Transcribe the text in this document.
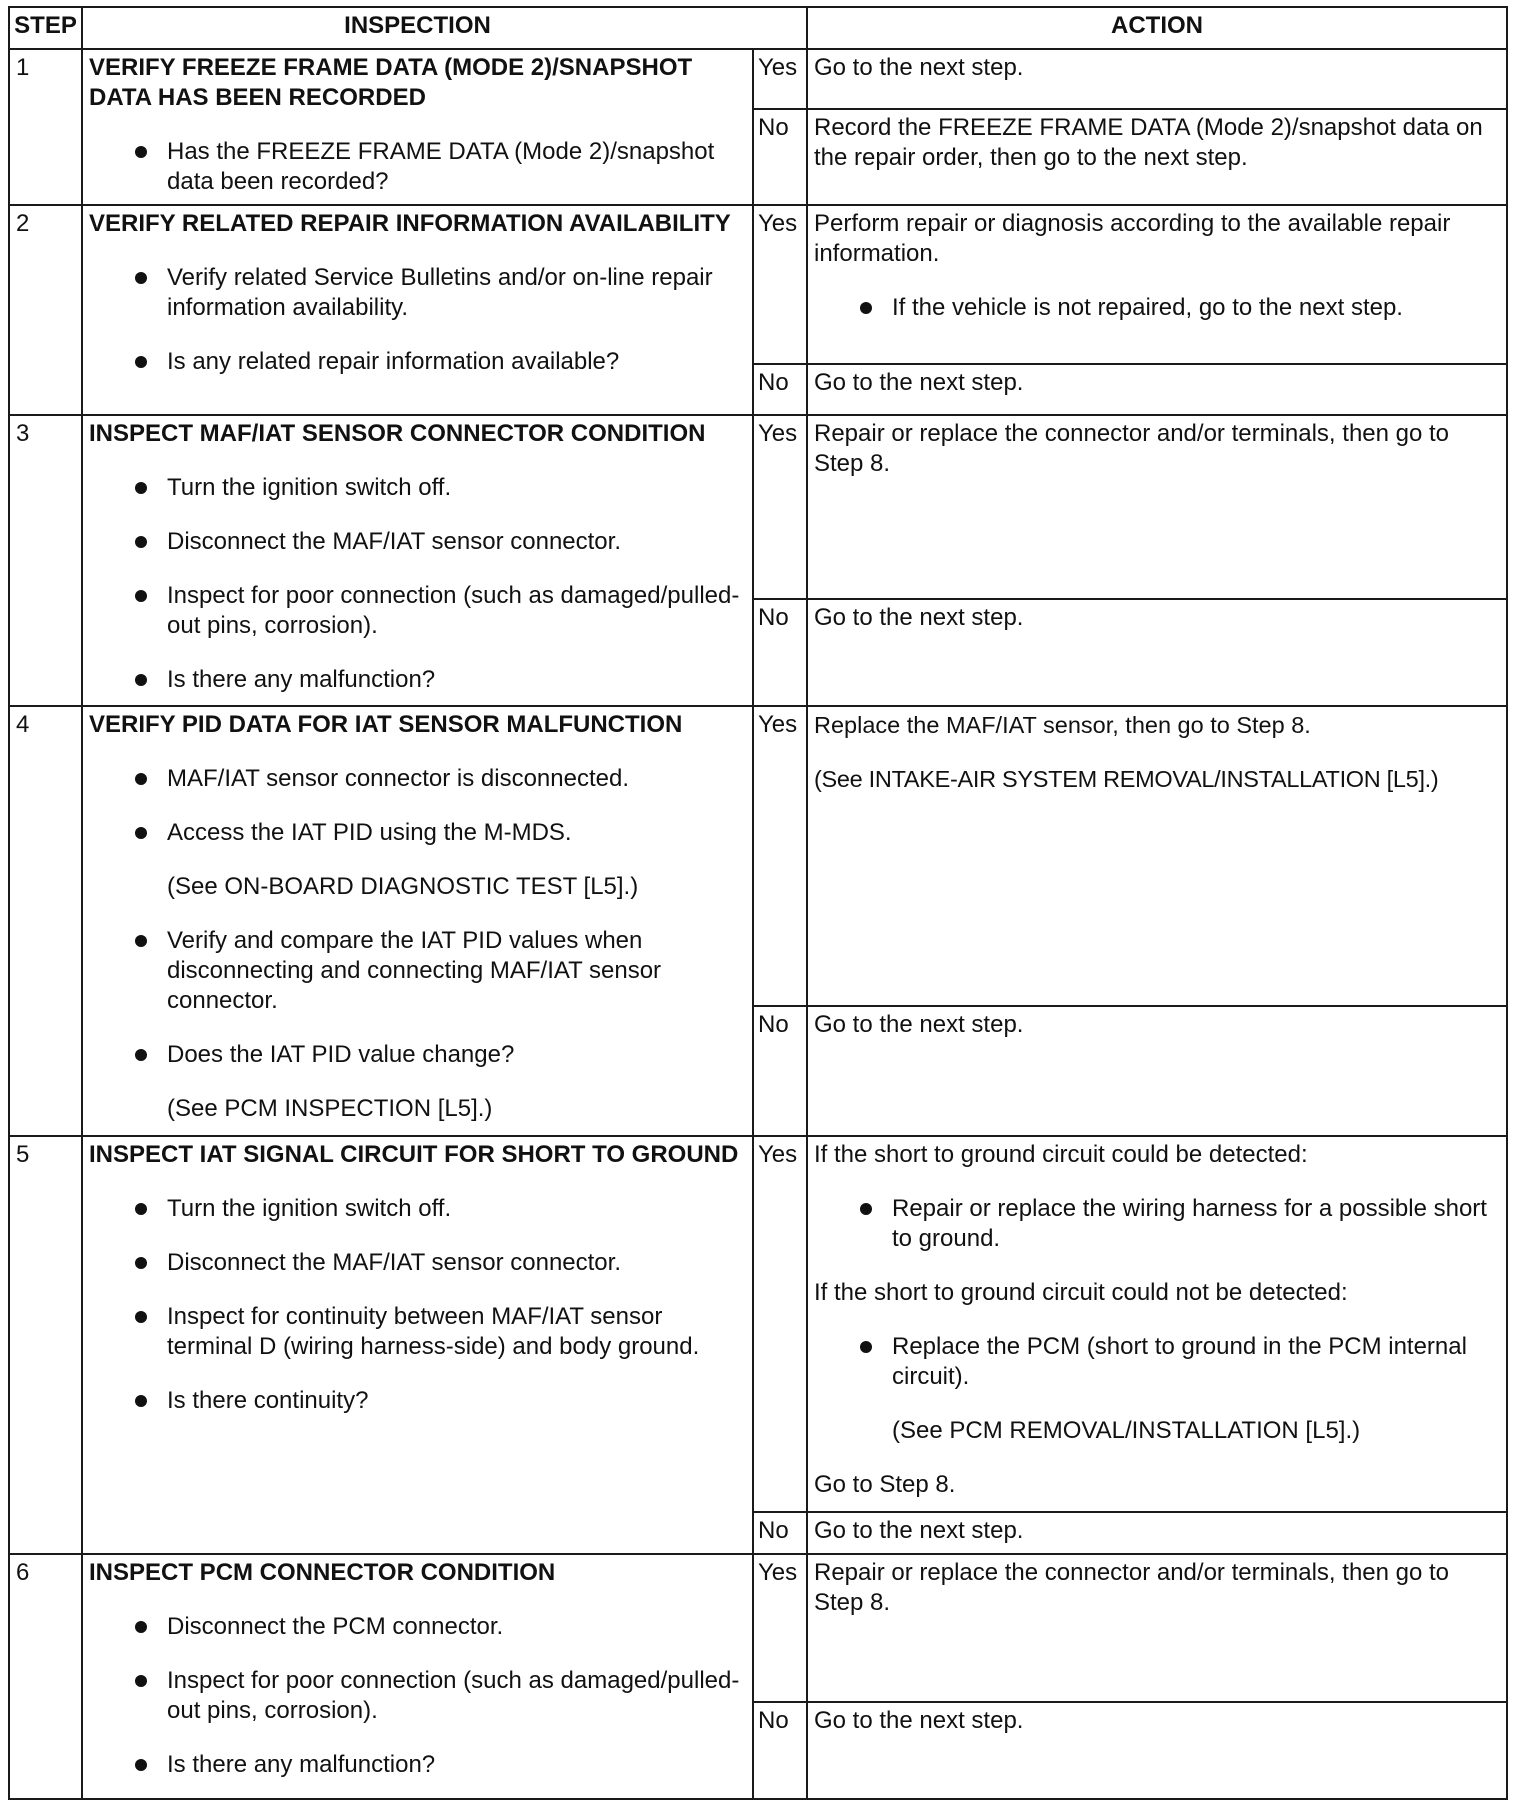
STEP	INSPECTION	ACTION
1	VERIFY FREEZE FRAME DATA (MODE 2)/SNAPSHOT DATA HAS BEEN RECORDED

Has the FREEZE FRAME DATA (Mode 2)/snapshot data been recorded?
Yes Go to the next step.
No	Record the FREEZE FRAME DATA (Mode 2)/snapshot data on the repair order, then go to the next step.
2	VERIFY RELATED REPAIR INFORMATION AVAILABILITY

Verify related Service Bulletins and/or on-line repair information availability.
Is any related repair information available?
Yes Perform repair or diagnosis according to the available repair information.

If the vehicle is not repaired, go to the next step.
No	Go to the next step.
3	INSPECT MAF/IAT SENSOR CONNECTOR CONDITION

Turn the ignition switch off.
Disconnect the MAF/IAT sensor connector.
Inspect for poor connection (such as damaged/pulled-out pins, corrosion).
Is there any malfunction?
Yes Repair or replace the connector and/or terminals, then go to Step 8.
No	Go to the next step.
4	VERIFY PID DATA FOR IAT SENSOR MALFUNCTION

MAF/IAT sensor connector is disconnected.
Access the IAT PID using the M-MDS.
(See ON-BOARD DIAGNOSTIC TEST [L5].)
Verify and compare the IAT PID values when disconnecting and connecting MAF/IAT sensor connector.
Does the IAT PID value change?
(See PCM INSPECTION [L5].)
Yes Replace the MAF/IAT sensor, then go to Step 8.

(See INTAKE-AIR SYSTEM REMOVAL/INSTALLATION [L5].)

No	Go to the next step.
5	INSPECT IAT SIGNAL CIRCUIT FOR SHORT TO GROUND

Turn the ignition switch off.
Disconnect the MAF/IAT sensor connector.
Inspect for continuity between MAF/IAT sensor terminal D (wiring harness-side) and body ground.
Is there continuity?
Yes If the short to ground circuit could be detected:

Repair or replace the wiring harness for a possible short to ground.

If the short to ground circuit could not be detected:

Replace the PCM (short to ground in the PCM internal circuit).
(See PCM REMOVAL/INSTALLATION [L5].)

Go to Step 8.

No	Go to the next step.
6	INSPECT PCM CONNECTOR CONDITION

Disconnect the PCM connector.
Inspect for poor connection (such as damaged/pulled-out pins, corrosion).
Is there any malfunction?
Yes Repair or replace the connector and/or terminals, then go to Step 8.
No	Go to the next step.
